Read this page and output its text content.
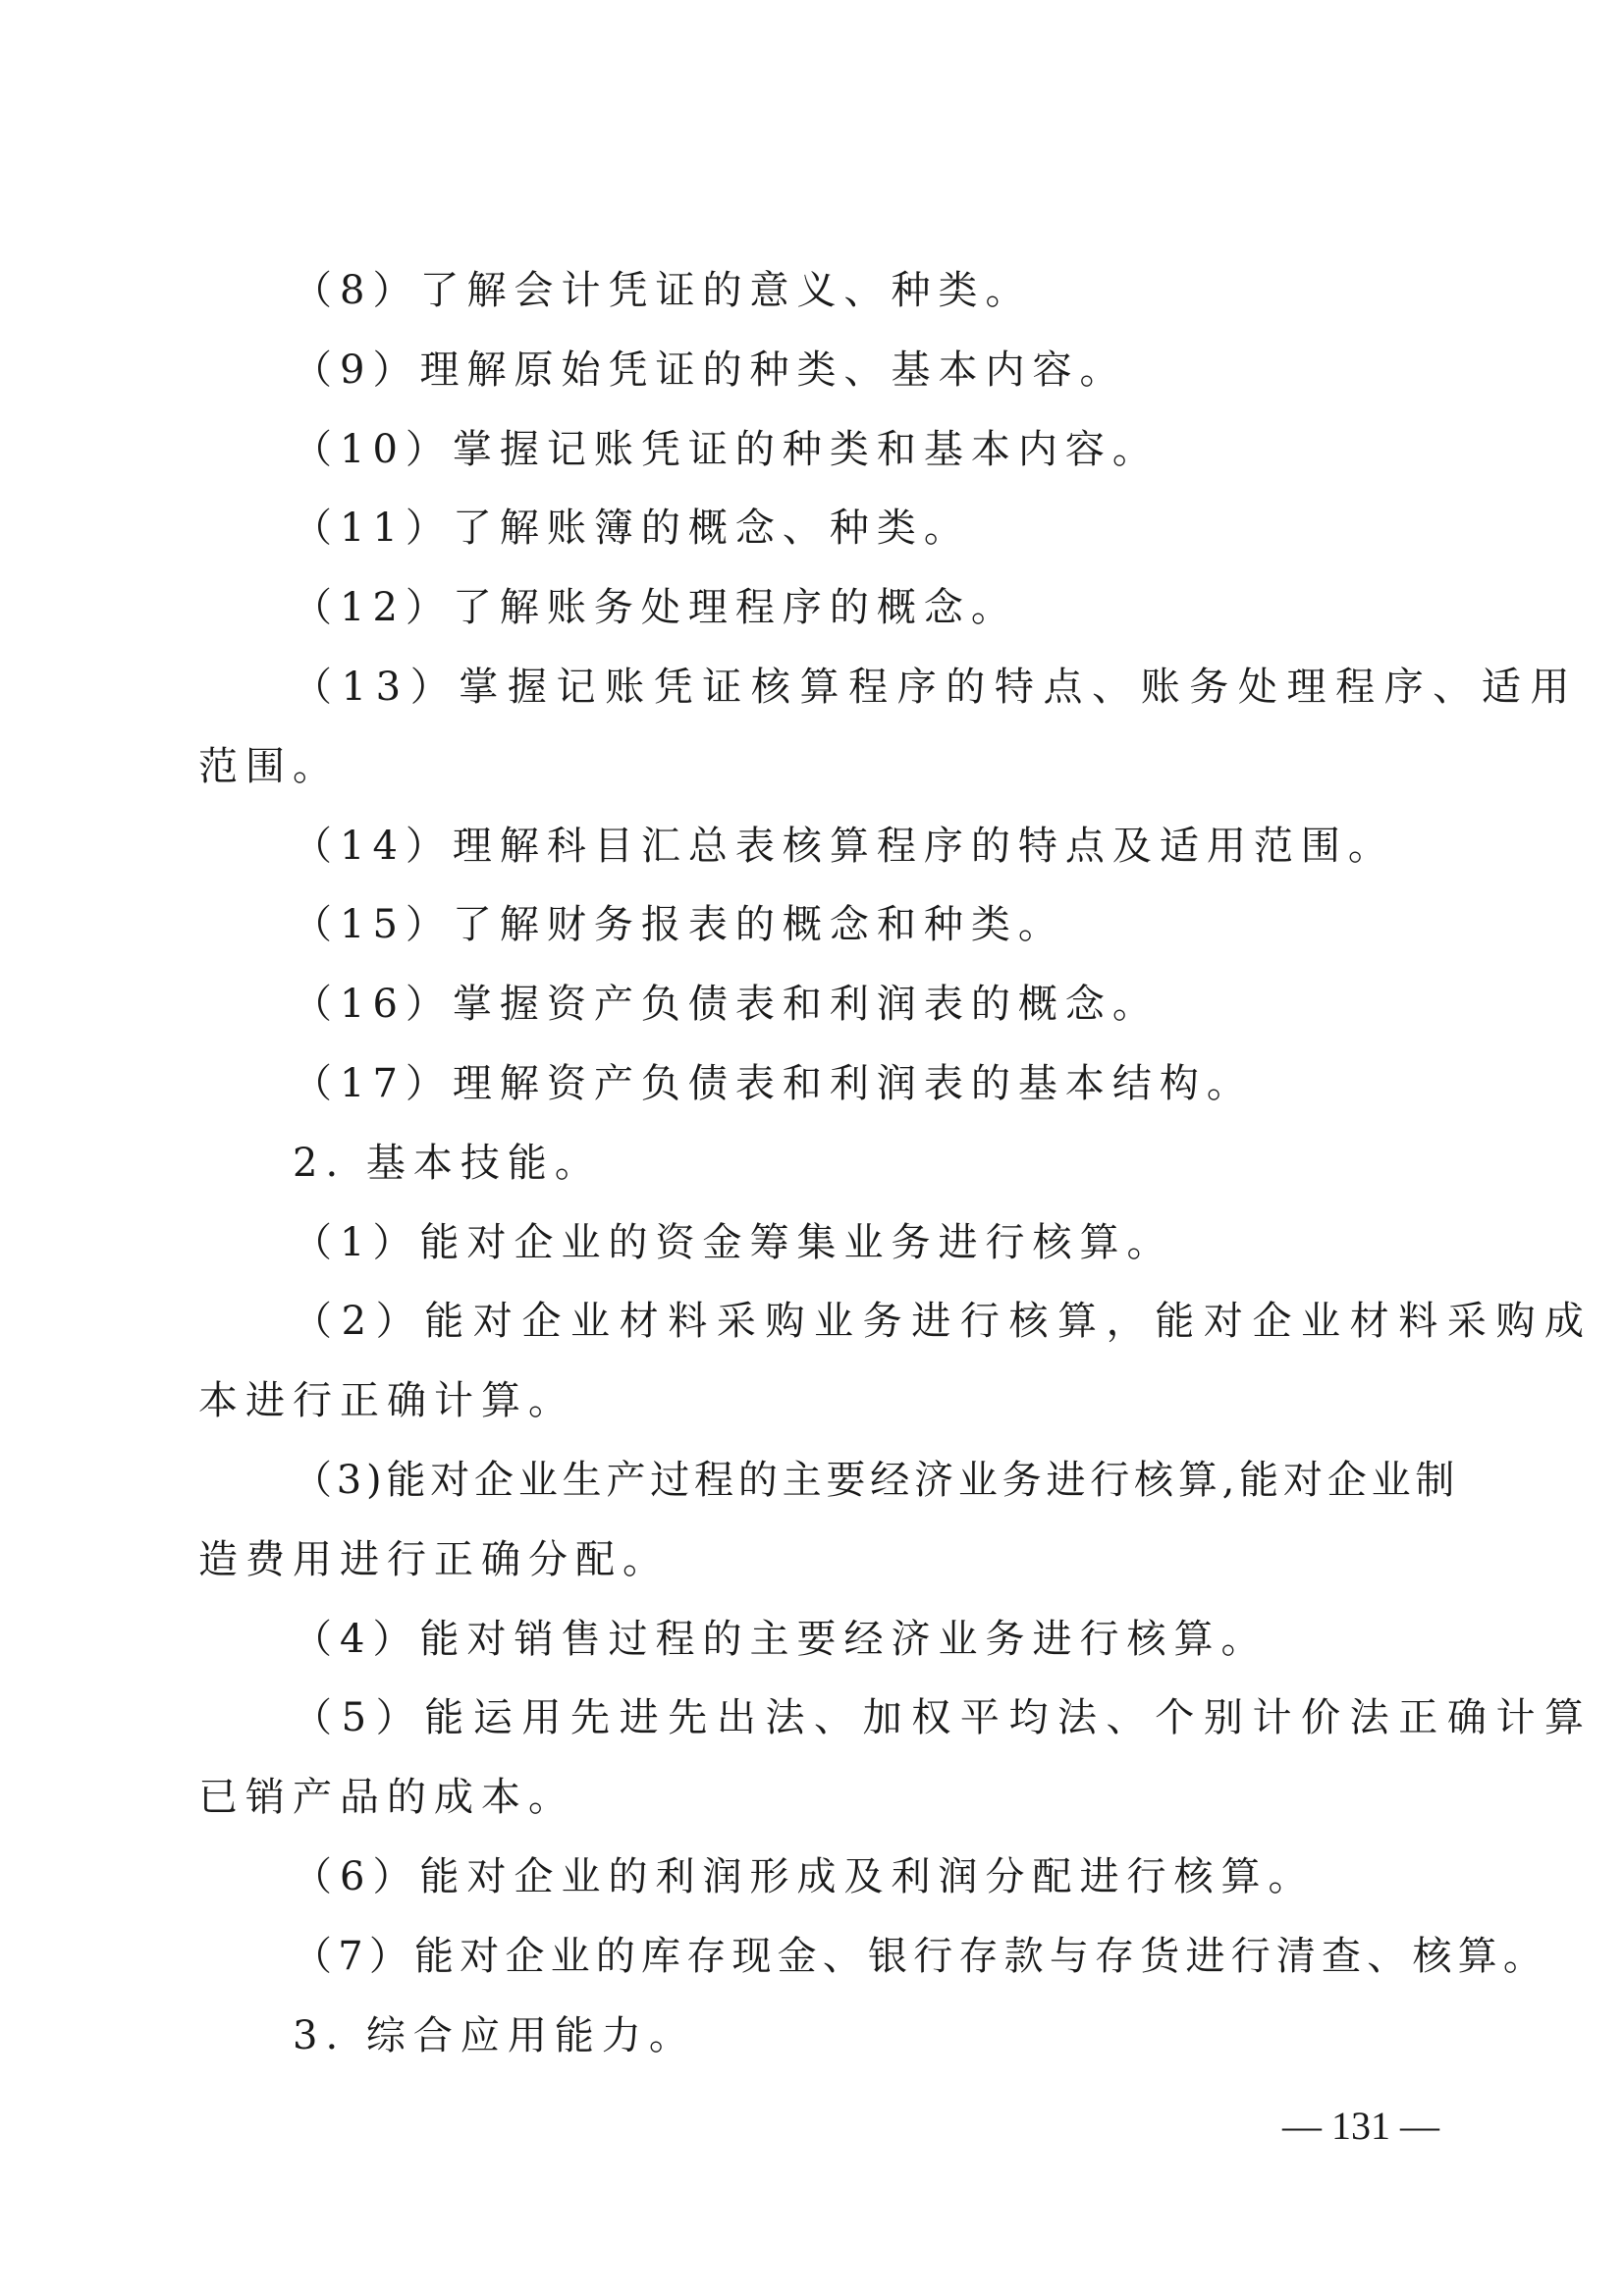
（8）了解会计凭证的意义、种类。
（9）理解原始凭证的种类、基本内容。
（10）掌握记账凭证的种类和基本内容。
（11）了解账簿的概念、种类。
（12）了解账务处理程序的概念。
（13）掌握记账凭证核算程序的特点、账务处理程序、适用
范围。
（14）理解科目汇总表核算程序的特点及适用范围。
（15）了解财务报表的概念和种类。
（16）掌握资产负债表和利润表的概念。
（17）理解资产负债表和利润表的基本结构。
2. 基本技能。
（1）能对企业的资金筹集业务进行核算。
（2）能对企业材料采购业务进行核算，能对企业材料采购成
本进行正确计算。
（3)能对企业生产过程的主要经济业务进行核算,能对企业制
造费用进行正确分配。
（4）能对销售过程的主要经济业务进行核算。
（5）能运用先进先出法、加权平均法、个别计价法正确计算
已销产品的成本。
（6）能对企业的利润形成及利润分配进行核算。
（7）能对企业的库存现金、银行存款与存货进行清查、核算。
3. 综合应用能力。
— 131 —
